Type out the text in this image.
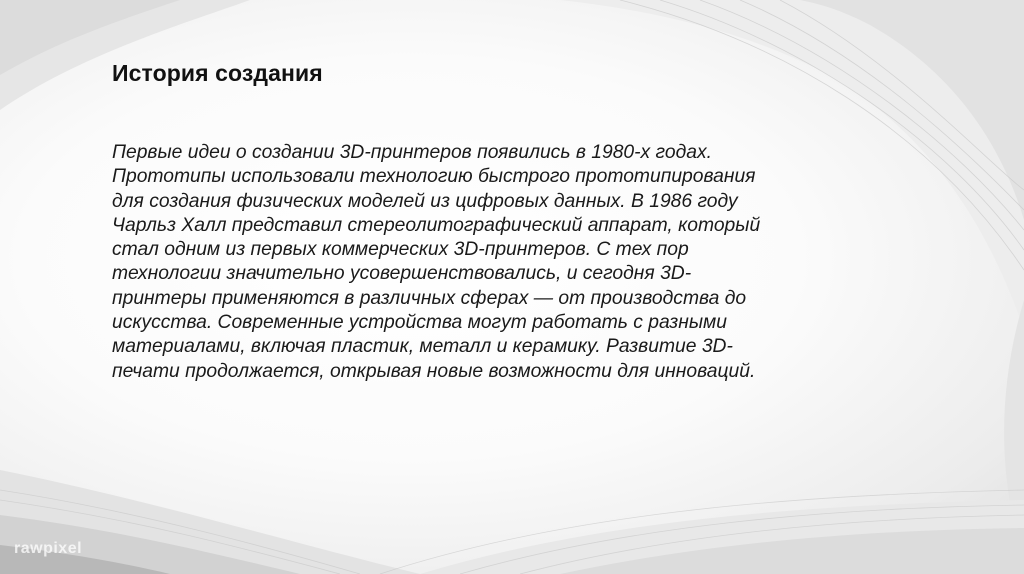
История создания
Первые идеи о создании 3D-принтеров появились в 1980-х годах.
Прототипы использовали технологию быстрого прототипирования
для создания физических моделей из цифровых данных. В 1986 году
Чарльз Халл представил стереолитографический аппарат, который
стал одним из первых коммерческих 3D-принтеров. С тех пор
технологии значительно усовершенствовались, и сегодня 3D-
принтеры применяются в различных сферах — от производства до
искусства. Современные устройства могут работать с разными
материалами, включая пластик, металл и керамику. Развитие 3D-
печати продолжается, открывая новые возможности для инноваций.
rawpixel
